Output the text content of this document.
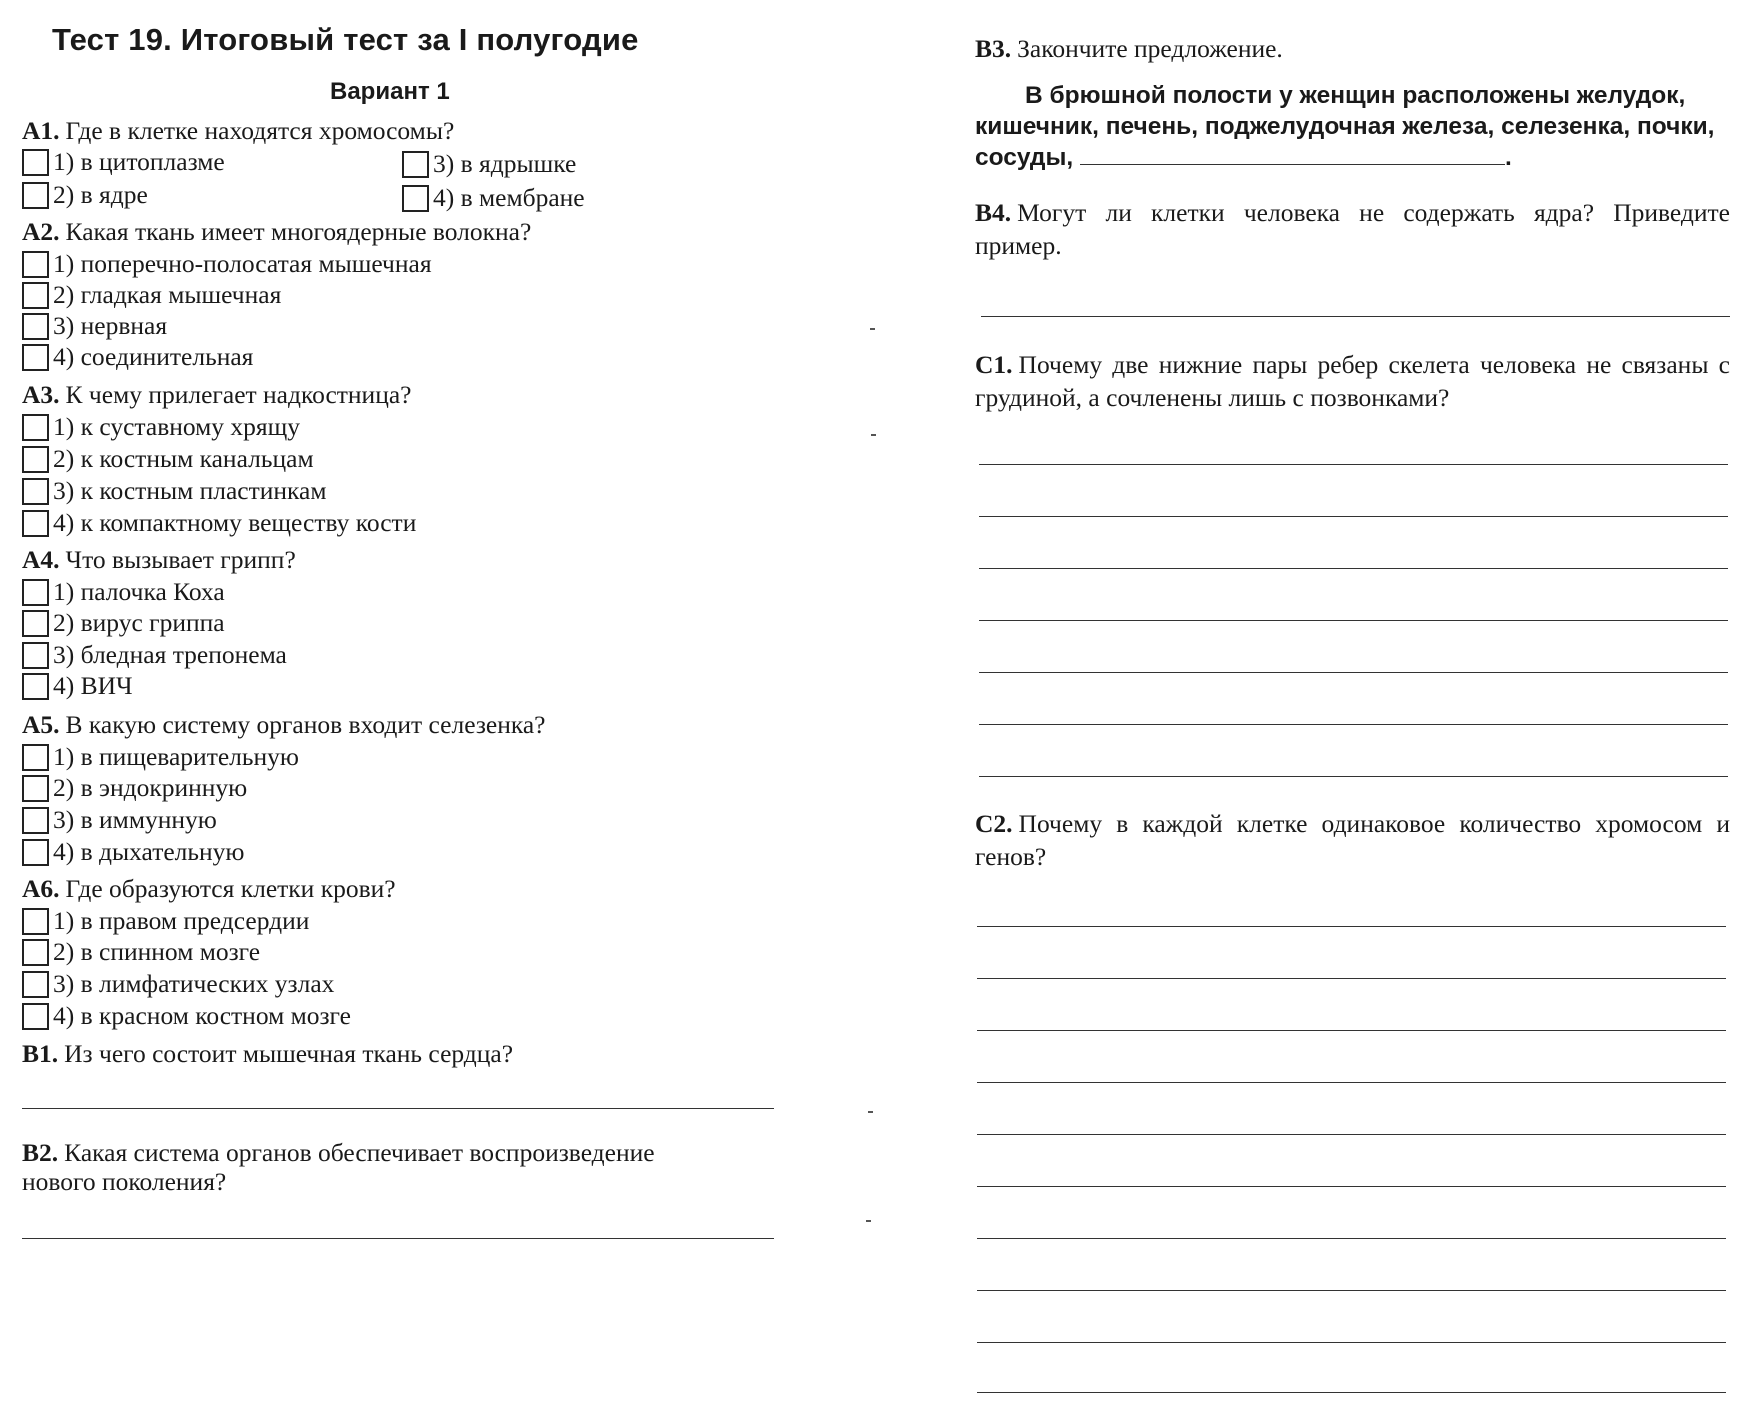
Тест 19. Итоговый тест за I полугодие
Вариант 1
А1. Где в клетке находятся хромосомы?
1) в цитоплазме
2) в ядре
3) в ядрышке
4) в мембране
А2. Какая ткань имеет многоядерные волокна?
1) поперечно-полосатая мышечная
2) гладкая мышечная
3) нервная
4) соединительная
А3. К чему прилегает надкостница?
1) к суставному хрящу
2) к костным канальцам
3) к костным пластинкам
4) к компактному веществу кости
А4. Что вызывает грипп?
1) палочка Коха
2) вирус гриппа
3) бледная трепонема
4) ВИЧ
А5. В какую систему органов входит селезенка?
1) в пищеварительную
2) в эндокринную
3) в иммунную
4) в дыхательную
А6. Где образуются клетки крови?
1) в правом предсердии
2) в спинном мозге
3) в лимфатических узлах
4) в красном костном мозге
В1. Из чего состоит мышечная ткань сердца?
В2. Какая система органов обеспечивает воспроизведение
нового поколения?
В3. Закончите предложение.
В брюшной полости у женщин расположены желудок, кишечник, печень, поджелудочная железа, селезенка, почки, сосуды,	.
В4. Могут ли клетки человека не содержать ядра? Приведите пример.
С1. Почему две нижние пары ребер скелета человека не связаны с грудиной, а сочленены лишь с позвонками?
С2. Почему в каждой клетке одинаковое количество хромосом и генов?
